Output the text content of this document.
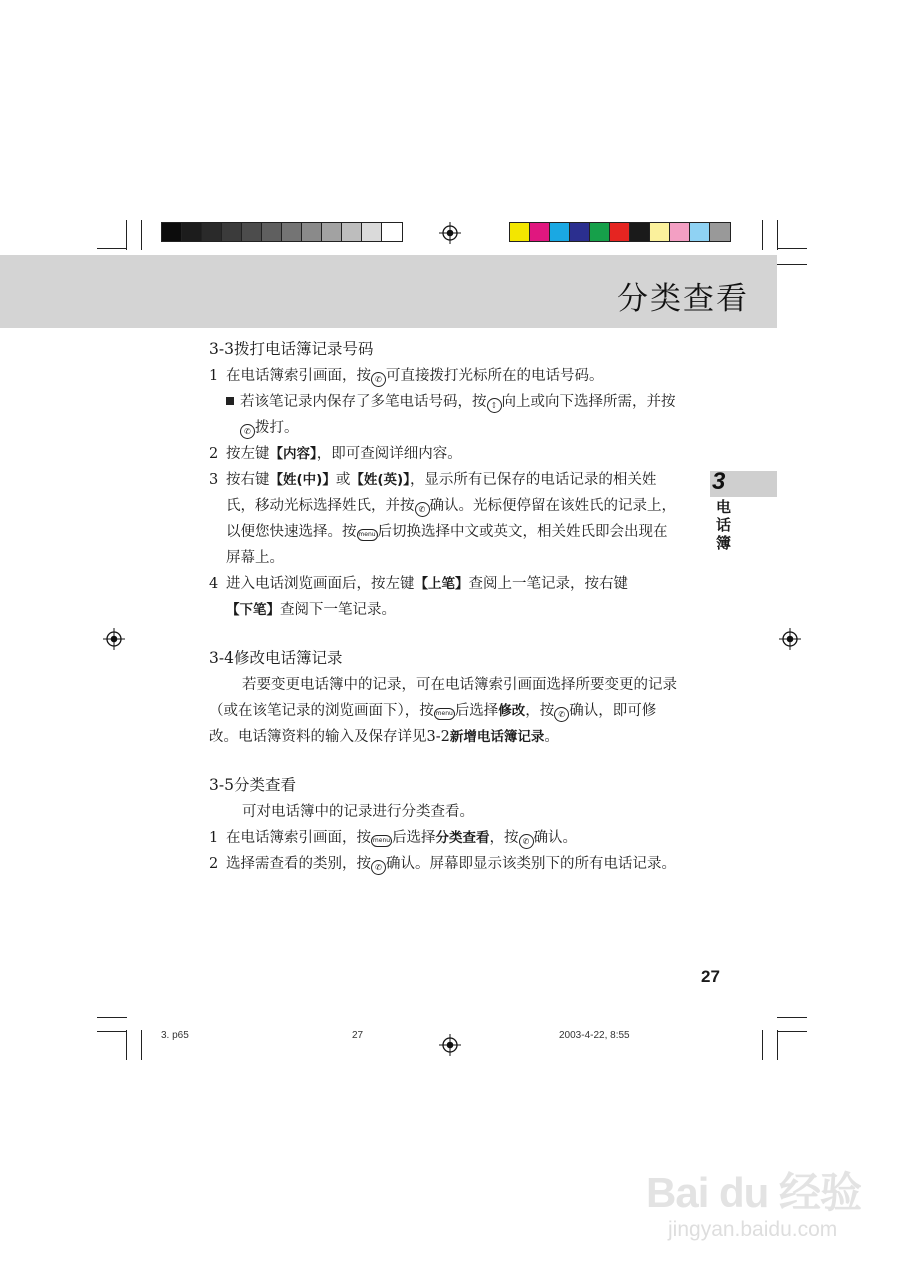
分类查看
3
电
话
簿
3-3拨打电话簿记录号码
1 在电话簿索引画面，按 ✆ 可直接拨打光标所在的电话号码。
若该笔记录内保存了多笔电话号码，按 ↕ 向上或向下选择所需，并按
✆ 拨打。
2 按左键【内容】，即可查阅详细内容。
3 按右键【姓(中)】或【姓(英)】，显示所有已保存的电话记录的相关姓
氏，移动光标选择姓氏，并按 ✆ 确认。光标便停留在该姓氏的记录上，
以便您快速选择。按 menu 后切换选择中文或英文，相关姓氏即会出现在
屏幕上。
4 进入电话浏览画面后，按左键【上笔】查阅上一笔记录，按右键
【下笔】查阅下一笔记录。
3-4修改电话簿记录
若要变更电话簿中的记录，可在电话簿索引画面选择所要变更的记录
（或在该笔记录的浏览画面下），按 menu 后选择修改，按 ✆ 确认，即可修
改。电话簿资料的输入及保存详见3-2新增电话簿记录。
3-5分类查看
可对电话簿中的记录进行分类查看。
1 在电话簿索引画面，按 menu 后选择分类查看，按 ✆ 确认。
2 选择需查看的类别，按 ✆ 确认。屏幕即显示该类别下的所有电话记录。
27
3. p65	27	2003-4-22, 8:55
Bai du 经验
jingyan.baidu.com
